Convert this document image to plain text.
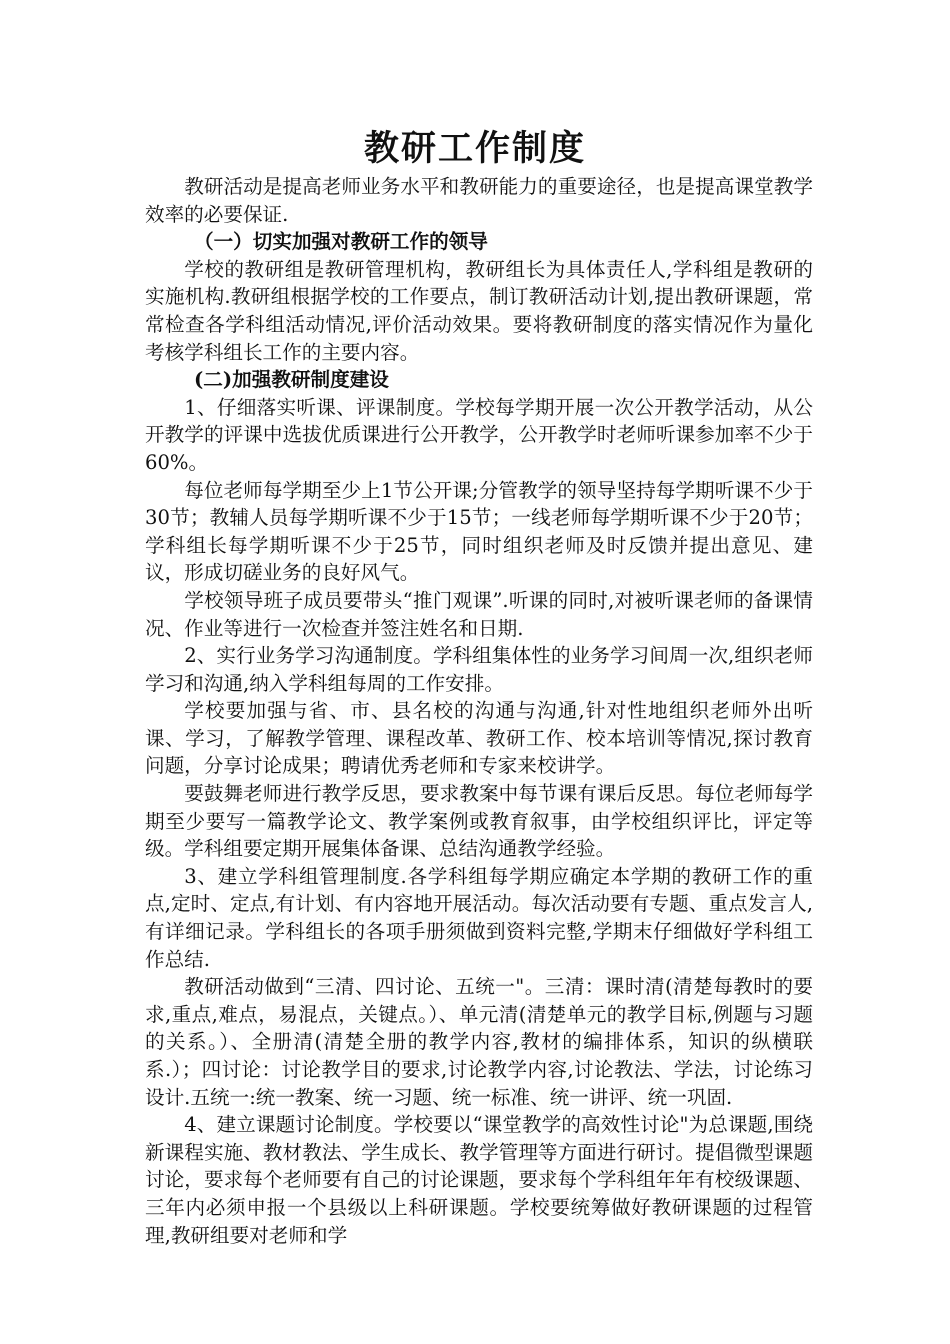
教研工作制度

教研活动是提高老师业务水平和教研能力的重要途径，也是提高课堂教学效率的必要保证.

（一）切实加强对教研工作的领导

学校的教研组是教研管理机构，教研组长为具体责任人,学科组是教研的实施机构.教研组根据学校的工作要点，制订教研活动计划,提出教研课题，常常检查各学科组活动情况,评价活动效果。要将教研制度的落实情况作为量化考核学科组长工作的主要内容。

(二)加强教研制度建设

1、仔细落实听课、评课制度。学校每学期开展一次公开教学活动，从公开教学的评课中选拔优质课进行公开教学，公开教学时老师听课参加率不少于60%。

每位老师每学期至少上1节公开课;分管教学的领导坚持每学期听课不少于30节；教辅人员每学期听课不少于15节；一线老师每学期听课不少于20节；学科组长每学期听课不少于25节，同时组织老师及时反馈并提出意见、建议，形成切磋业务的良好风气。

学校领导班子成员要带头“推门观课”.听课的同时,对被听课老师的备课情况、作业等进行一次检查并签注姓名和日期.

2、实行业务学习沟通制度。学科组集体性的业务学习间周一次,组织老师学习和沟通,纳入学科组每周的工作安排。

学校要加强与省、市、县名校的沟通与沟通,针对性地组织老师外出听课、学习，了解教学管理、课程改革、教研工作、校本培训等情况,探讨教育问题，分享讨论成果；聘请优秀老师和专家来校讲学。

要鼓舞老师进行教学反思，要求教案中每节课有课后反思。每位老师每学期至少要写一篇教学论文、教学案例或教育叙事，由学校组织评比，评定等级。学科组要定期开展集体备课、总结沟通教学经验。

3、建立学科组管理制度.各学科组每学期应确定本学期的教研工作的重点,定时、定点,有计划、有内容地开展活动。每次活动要有专题、重点发言人,有详细记录。学科组长的各项手册须做到资料完整,学期末仔细做好学科组工作总结.

教研活动做到“三清、四讨论、五统一"。三清：课时清(清楚每教时的要求,重点,难点，易混点，关键点。）、单元清(清楚单元的教学目标,例题与习题的关系。）、全册清(清楚全册的教学内容,教材的编排体系，知识的纵横联系.）；四讨论：讨论教学目的要求,讨论教学内容,讨论教法、学法，讨论练习设计.五统一:统一教案、统一习题、统一标准、统一讲评、统一巩固.

4、建立课题讨论制度。学校要以“课堂教学的高效性讨论"为总课题,围绕新课程实施、教材教法、学生成长、教学管理等方面进行研讨。提倡微型课题讨论，要求每个老师要有自己的讨论课题，要求每个学科组年年有校级课题、三年内必须申报一个县级以上科研课题。学校要统筹做好教研课题的过程管理,教研组要对老师和学
